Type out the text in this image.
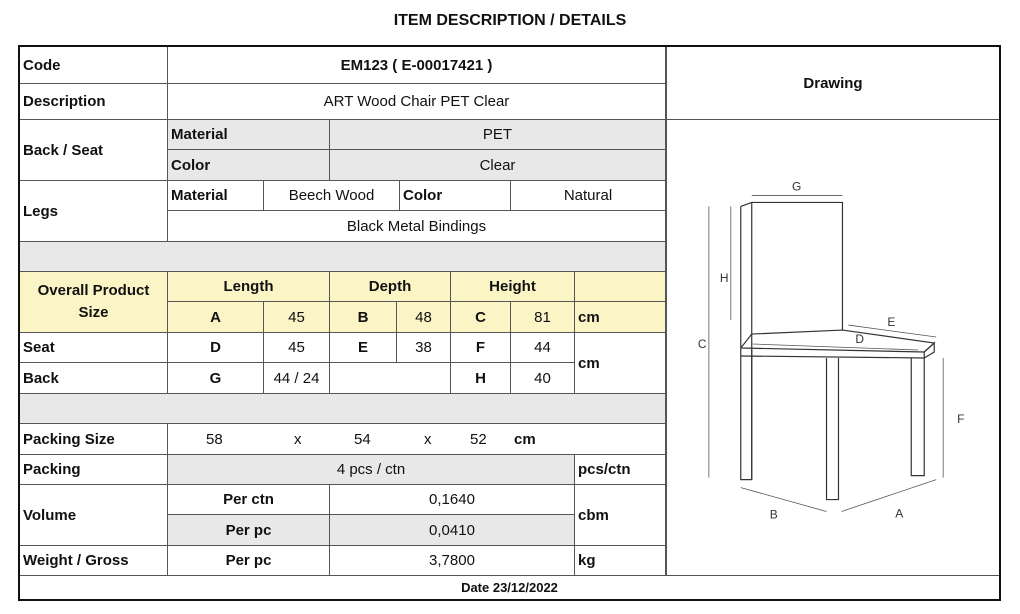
ITEM DESCRIPTION / DETAILS
Code	EM123 ( E-00017421 )
Description	ART Wood Chair PET Clear
Back / Seat
Material	PET
Color	Clear
Legs
Material	Beech Wood	Color	Natural
Black Metal Bindings
Overall Product
Size
Length	Depth	Height
A	45	B	48	C	81	cm
Seat	D	45	E	38	F	44
cm
Back	G	44 / 24	H	40
Packing Size	58	x	54	x	52 cm
Packing	4 pcs / ctn	pcs/ctn
Volume
Per ctn	0,1640
Per pc	0,0410
cbm
Weight / Gross	Per pc	3,7800	kg
Drawing
G
H
C
E
D
F
B	A
Date 23/12/2022
